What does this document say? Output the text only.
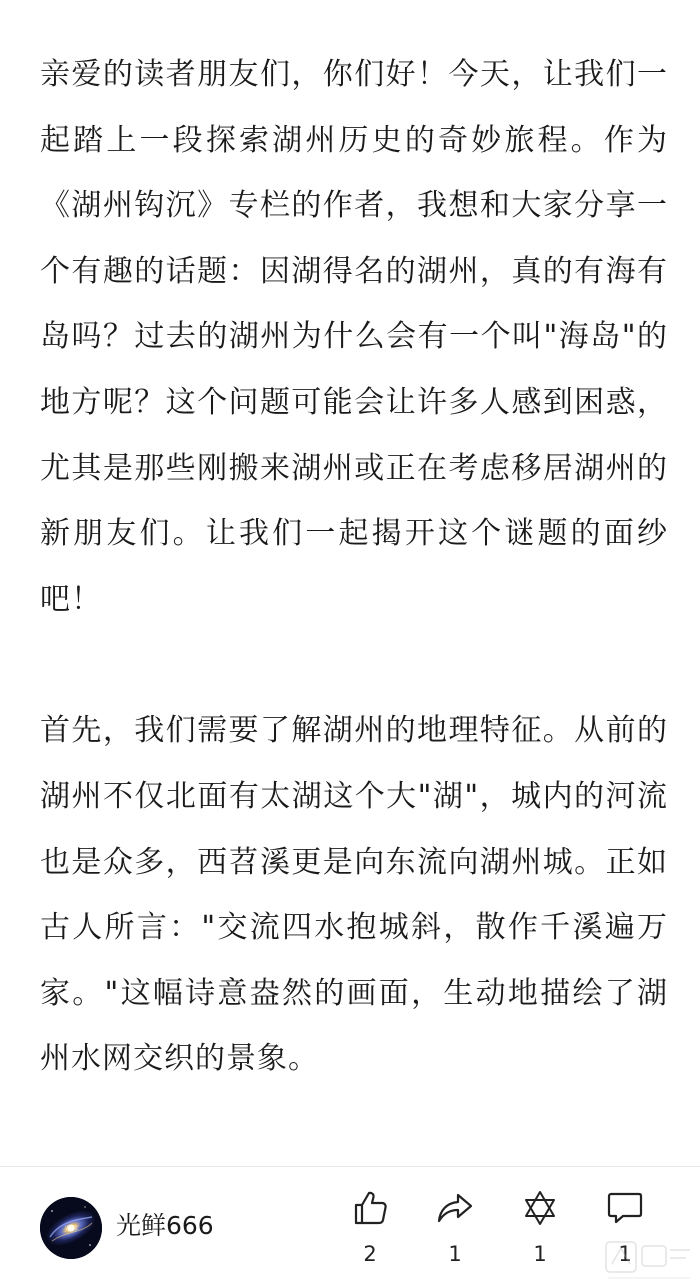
亲爱的读者朋友们，你们好！今天，让我们一起踏上一段探索湖州历史的奇妙旅程。作为《湖州钩沉》专栏的作者，我想和大家分享一个有趣的话题：因湖得名的湖州，真的有海有岛吗？过去的湖州为什么会有一个叫"海岛"的地方呢？这个问题可能会让许多人感到困惑，尤其是那些刚搬来湖州或正在考虑移居湖州的新朋友们。让我们一起揭开这个谜题的面纱吧！

首先，我们需要了解湖州的地理特征。从前的湖州不仅北面有太湖这个大"湖"，城内的河流也是众多，西苕溪更是向东流向湖州城。正如古人所言："交流四水抱城斜，散作千溪遍万家。"这幅诗意盎然的画面，生动地描绘了湖州水网交织的景象。

光鲜 光鲜666
2	1	1	1
